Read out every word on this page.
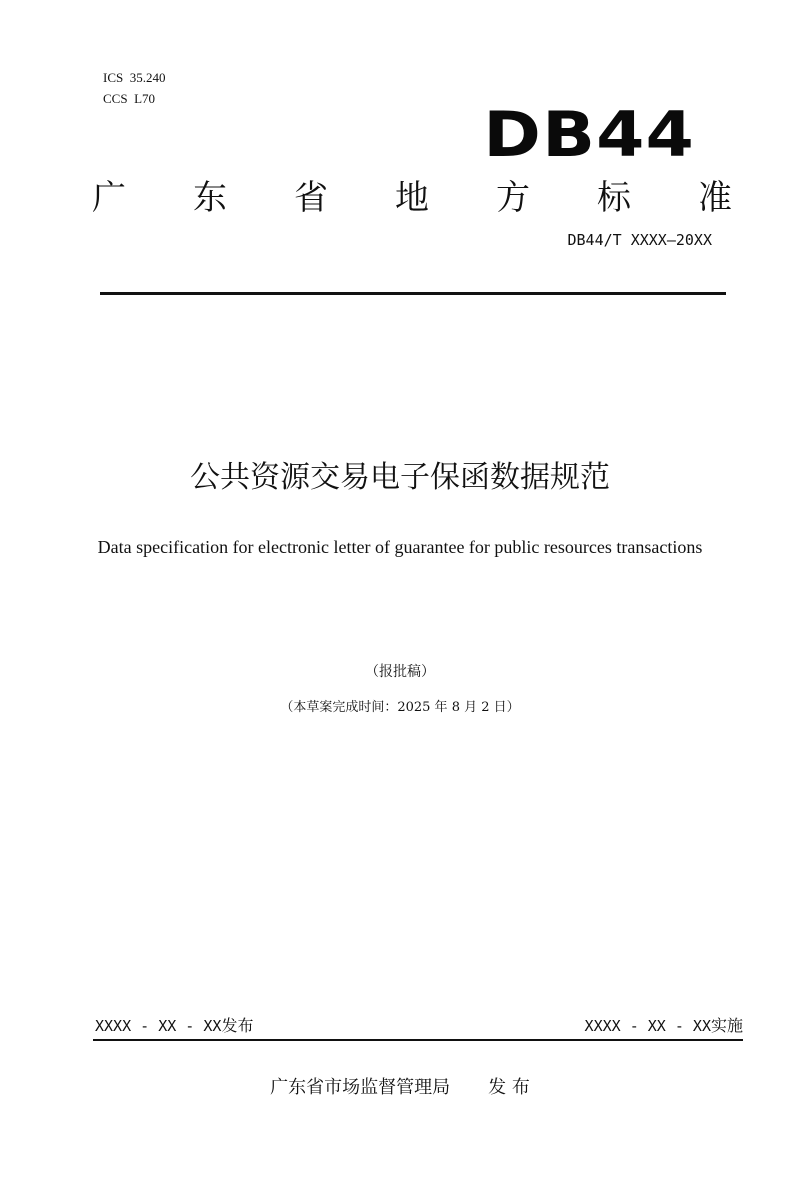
ICS  35.240
CCS  L70	DB44
广 东 省 地 方 标 准
DB44/T XXXX—20XX
公共资源交易电子保函数据规范
Data specification for electronic letter of guarantee for public resources transactions
（报批稿）
（本草案完成时间：2025 年 8 月 2 日）
XXXX - XX - XX发布	XXXX - XX - XX实施
广东省市场监督管理局 发 布
